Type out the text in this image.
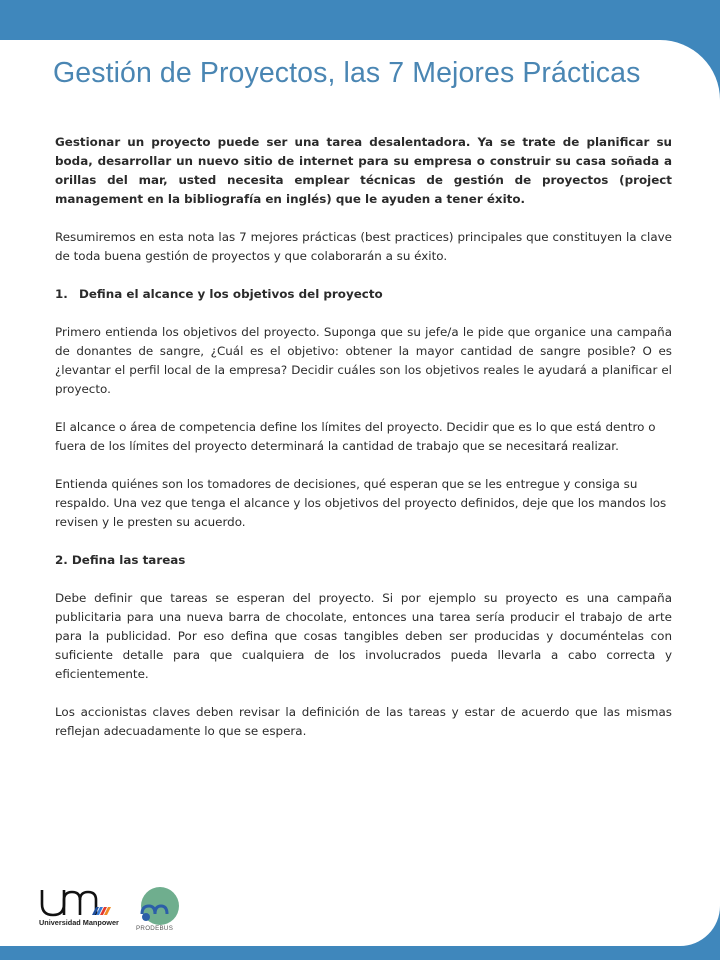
Gestión de Proyectos, las 7 Mejores Prácticas

Gestionar un proyecto puede ser una tarea desalentadora. Ya se trate de planificar su boda, desarrollar un nuevo sitio de internet para su empresa o construir su casa soñada a orillas del mar, usted necesita emplear técnicas de gestión de proyectos (project management en la bibliografía en inglés) que le ayuden a tener éxito.

Resumiremos en esta nota las 7 mejores prácticas (best practices) principales que constituyen la clave de toda buena gestión de proyectos y que colaborarán a su éxito.

1. Defina el alcance y los objetivos del proyecto

Primero entienda los objetivos del proyecto. Suponga que su jefe/a le pide que organice una campaña de donantes de sangre, ¿Cuál es el objetivo: obtener la mayor cantidad de sangre posible? O es ¿levantar el perfil local de la empresa? Decidir cuáles son los objetivos reales le ayudará a planificar el proyecto.

El alcance o área de competencia define los límites del proyecto. Decidir que es lo que está dentro o fuera de los límites del proyecto determinará la cantidad de trabajo que se necesitará realizar.

Entienda quiénes son los tomadores de decisiones, qué esperan que se les entregue y consiga su respaldo. Una vez que tenga el alcance y los objetivos del proyecto definidos, deje que los mandos los revisen y le presten su acuerdo.

2. Defina las tareas

Debe definir que tareas se esperan del proyecto. Si por ejemplo su proyecto es una campaña publicitaria para una nueva barra de chocolate, entonces una tarea sería producir el trabajo de arte para la publicidad. Por eso defina que cosas tangibles deben ser producidas y documéntelas con suficiente detalle para que cualquiera de los involucrados pueda llevarla a cabo correcta y eficientemente.

Los accionistas claves deben revisar la definición de las tareas y estar de acuerdo que las mismas reflejan adecuadamente lo que se espera.

Universidad Manpower
PRODEBUS
